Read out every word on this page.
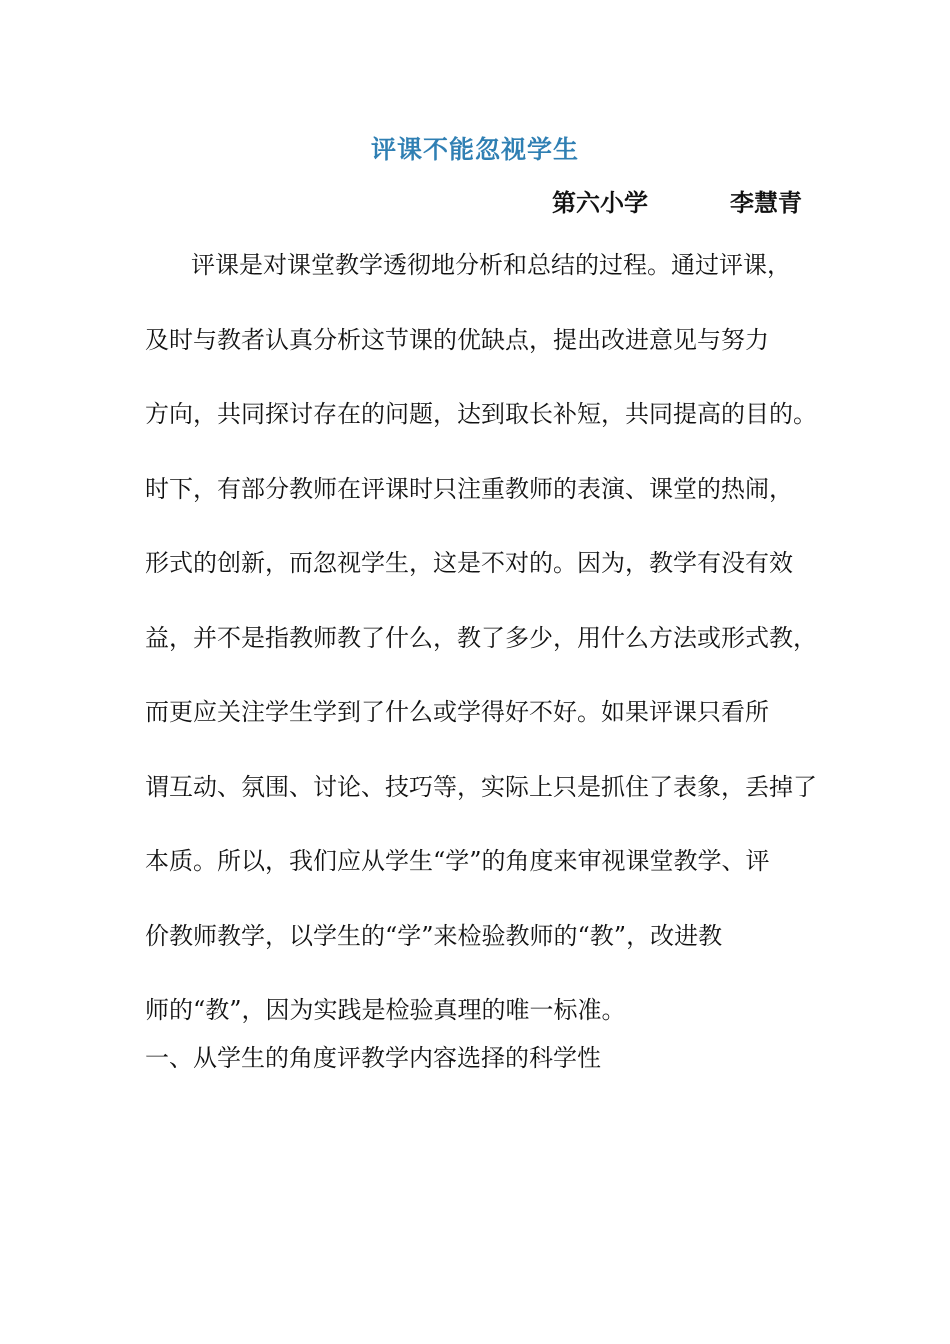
评课不能忽视学生
第六小学	李慧青
评课是对课堂教学透彻地分析和总结的过程。通过评课，
及时与教者认真分析这节课的优缺点，提出改进意见与努力
方向，共同探讨存在的问题，达到取长补短，共同提高的目的。
时下，有部分教师在评课时只注重教师的表演、课堂的热闹，
形式的创新，而忽视学生，这是不对的。因为，教学有没有效
益，并不是指教师教了什么，教了多少，用什么方法或形式教，
而更应关注学生学到了什么或学得好不好。如果评课只看所
谓互动、氛围、讨论、技巧等，实际上只是抓住了表象，丢掉了
本质。所以，我们应从学生“学”的角度来审视课堂教学、评
价教师教学，以学生的“学”来检验教师的“教”，改进教
师的“教”，因为实践是检验真理的唯一标准。
一、从学生的角度评教学内容选择的科学性
